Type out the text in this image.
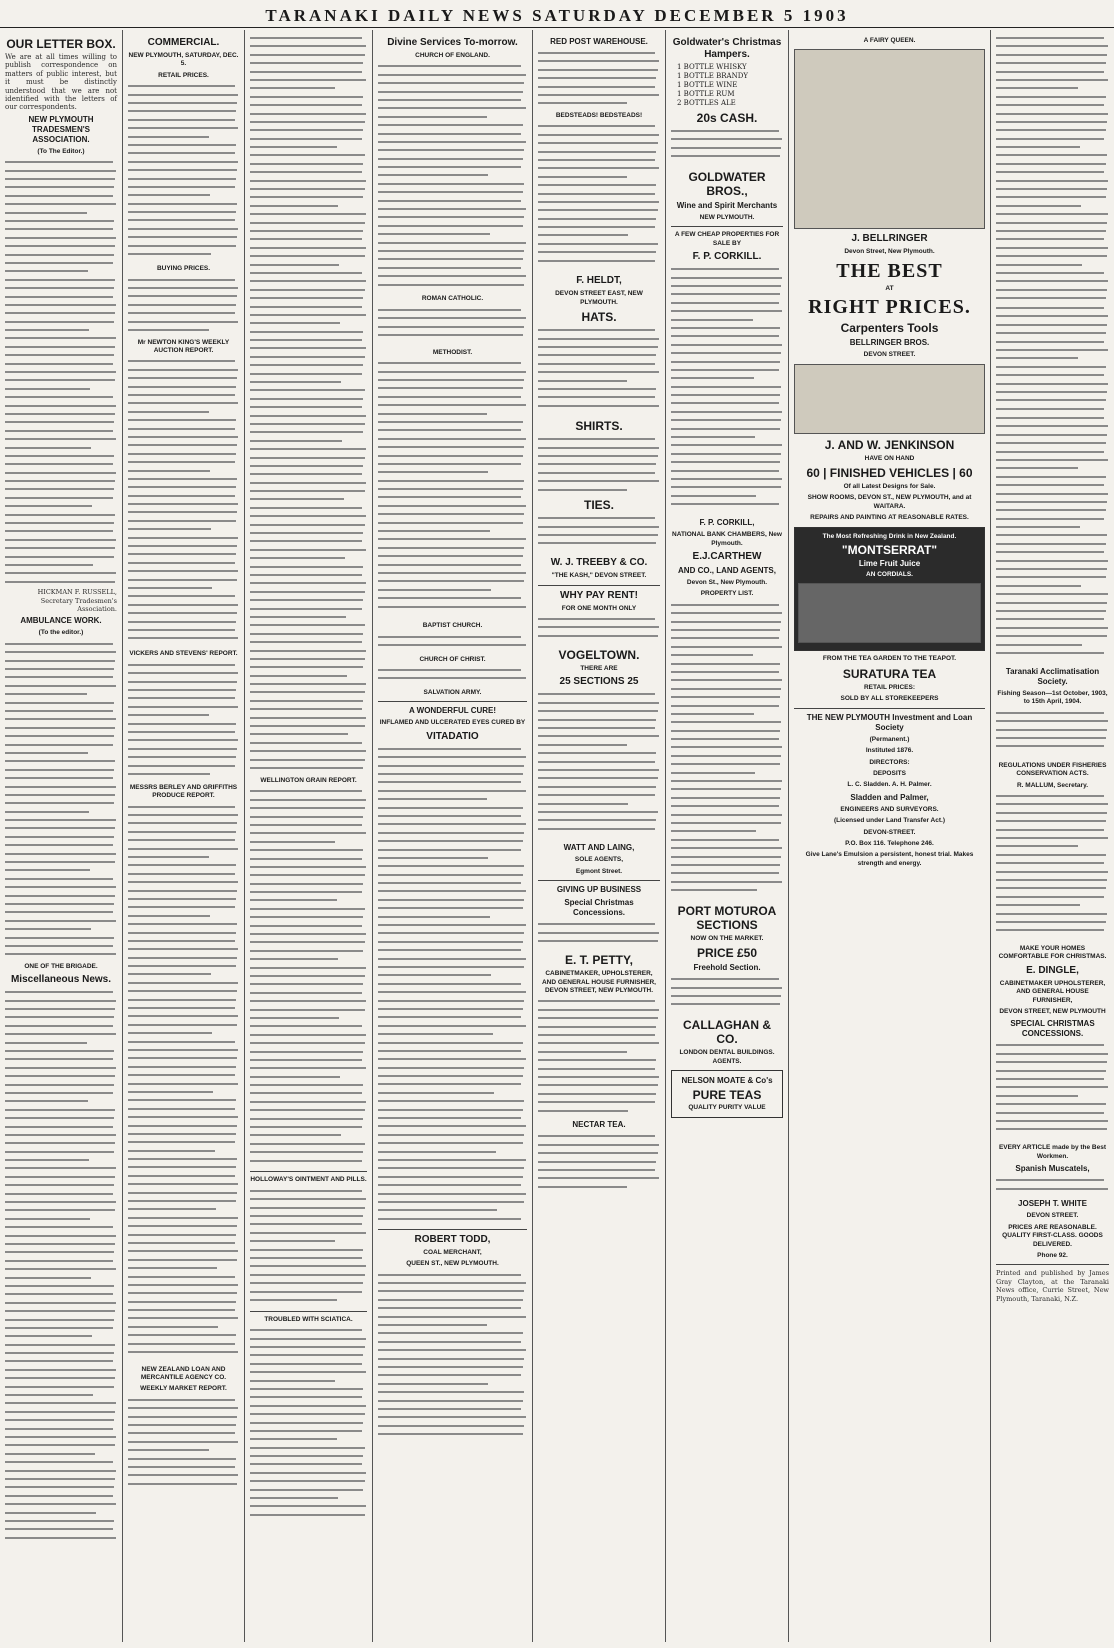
TARANAKI DAILY NEWS SATURDAY DECEMBER 5 1903
OUR LETTER BOX.
We are at all times willing to publish correspondence on matters of public interest, but it must be distinctly understood that we are not identified with the letters of our correspondents.
NEW PLYMOUTH TRADESMEN'S ASSOCIATION.
(To The Editor.)
HICKMAN F. RUSSELL, Secretary Tradesmen's Association.
AMBULANCE WORK.
(To the editor.)
ONE OF THE BRIGADE.
Miscellaneous News.
COMMERCIAL.
NEW PLYMOUTH, SATURDAY, DEC. 5.
RETAIL PRICES.
BUYING PRICES.
Mr NEWTON KING'S WEEKLY AUCTION REPORT.
VICKERS AND STEVENS' REPORT.
MESSRS BERLEY AND GRIFFITHS PRODUCE REPORT.
NEW ZEALAND LOAN AND MERCANTILE AGENCY CO.
WEEKLY MARKET REPORT.
WELLINGTON GRAIN REPORT.
HOLLOWAY'S OINTMENT AND PILLS.
TROUBLED WITH SCIATICA.
Divine Services To-morrow.
CHURCH OF ENGLAND.
ROMAN CATHOLIC.
METHODIST.
BAPTIST CHURCH.
CHURCH OF CHRIST.
SALVATION ARMY.
A WONDERFUL CURE!
INFLAMED AND ULCERATED EYES CURED BY
VITADATIO
ROBERT TODD,
COAL MERCHANT,
QUEEN ST., NEW PLYMOUTH.
RED POST WAREHOUSE.
BEDSTEADS! BEDSTEADS!
F. HELDT,
DEVON STREET EAST, NEW PLYMOUTH.
HATS.
SHIRTS.
TIES.
W. J. TREEBY & CO.
"THE KASH," DEVON STREET.
WHY PAY RENT!
FOR ONE MONTH ONLY
VOGELTOWN.
THERE ARE
25 SECTIONS 25
WATT AND LAING,
SOLE AGENTS,
Egmont Street.
GIVING UP BUSINESS
Special Christmas Concessions.
E. T. PETTY,
CABINETMAKER, UPHOLSTERER, AND GENERAL HOUSE FURNISHER, DEVON STREET, NEW PLYMOUTH.
NECTAR TEA.
Goldwater's Christmas Hampers.
1 BOTTLE WHISKY
1 BOTTLE BRANDY
1 BOTTLE WINE
1 BOTTLE RUM
2 BOTTLES ALE
20s CASH.
GOLDWATER BROS.,
Wine and Spirit Merchants
NEW PLYMOUTH.
A FEW CHEAP PROPERTIES FOR SALE BY
F. P. CORKILL.
F. P. CORKILL,
NATIONAL BANK CHAMBERS, New Plymouth.
E.J.CARTHEW
AND CO., LAND AGENTS,
Devon St., New Plymouth.
PROPERTY LIST.
PORT MOTUROA SECTIONS
NOW ON THE MARKET.
PRICE £50
Freehold Section.
CALLAGHAN & CO.
LONDON DENTAL BUILDINGS. AGENTS.
NELSON MOATE & Co's
PURE TEAS
QUALITY PURITY VALUE
A FAIRY QUEEN.
J. BELLRINGER
Devon Street, New Plymouth.
THE BEST
AT
RIGHT PRICES.
Carpenters Tools
BELLRINGER BROS.
DEVON STREET.
J. AND W. JENKINSON
HAVE ON HAND
60 | FINISHED VEHICLES | 60
Of all Latest Designs for Sale.
SHOW ROOMS, DEVON ST., NEW PLYMOUTH, and at WAITARA.
REPAIRS AND PAINTING AT REASONABLE RATES.
The Most Refreshing Drink in New Zealand.
"MONTSERRAT"
Lime Fruit Juice
AN CORDIALS.
FROM THE TEA GARDEN TO THE TEAPOT.
SURATURA TEA
RETAIL PRICES:
SOLD BY ALL STOREKEEPERS
THE NEW PLYMOUTH Investment and Loan Society
(Permanent.)
Instituted 1876.
DIRECTORS:
DEPOSITS
L. C. Sladden. A. H. Palmer.
Sladden and Palmer,
ENGINEERS AND SURVEYORS.
(Licensed under Land Transfer Act.)
DEVON-STREET.
P.O. Box 116. Telephone 246.
Give Lane's Emulsion a persistent, honest trial. Makes strength and energy.
Taranaki Acclimatisation Society.
Fishing Season—1st October, 1903, to 15th April, 1904.
REGULATIONS UNDER FISHERIES CONSERVATION ACTS.
R. MALLUM, Secretary.
MAKE YOUR HOMES COMFORTABLE FOR CHRISTMAS.
E. DINGLE,
CABINETMAKER UPHOLSTERER, AND GENERAL HOUSE FURNISHER,
DEVON STREET, NEW PLYMOUTH
SPECIAL CHRISTMAS CONCESSIONS.
EVERY ARTICLE made by the Best Workmen.
Spanish Muscatels,
JOSEPH T. WHITE
DEVON STREET.
PRICES ARE REASONABLE. QUALITY FIRST-CLASS. GOODS DELIVERED.
Phone 92.
Printed and published by James Gray Clayton, at the Taranaki News office, Currie Street, New Plymouth, Taranaki, N.Z.
